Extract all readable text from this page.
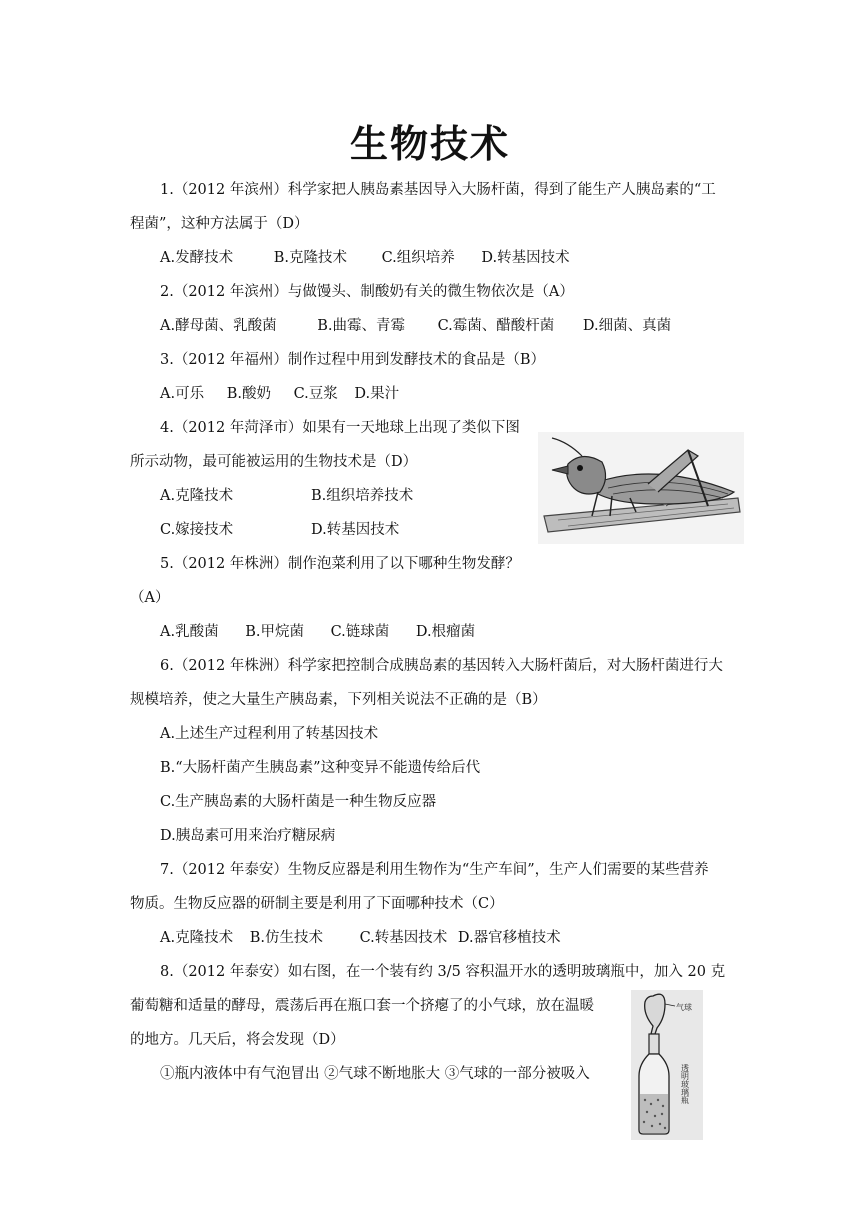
生物技术
1.（2012 年滨州）科学家把人胰岛素基因导入大肠杆菌，得到了能生产人胰岛素的“工
程菌”，这种方法属于（D）
A.发酵技术	B.克隆技术 C.组织培养 D.转基因技术
2.（2012 年滨州）与做馒头、制酸奶有关的微生物依次是（A）
A.酵母菌、乳酸菌	B.曲霉、青霉 C.霉菌、醋酸杆菌 D.细菌、真菌
3.（2012 年福州）制作过程中用到发酵技术的食品是（B）
A.可乐 B.酸奶 C.豆浆 D.果汁
4.（2012 年菏泽市）如果有一天地球上出现了类似下图
所示动物，最可能被运用的生物技术是（D）
A.克隆技术	B.组织培养技术
C.嫁接技术	D.转基因技术
5.（2012 年株洲）制作泡菜利用了以下哪种生物发酵？
（A）
A.乳酸菌 B.甲烷菌 C.链球菌 D.根瘤菌
6.（2012 年株洲）科学家把控制合成胰岛素的基因转入大肠杆菌后，对大肠杆菌进行大
规模培养，使之大量生产胰岛素，下列相关说法不正确的是（B）
A.上述生产过程利用了转基因技术
B.“大肠杆菌产生胰岛素”这种变异不能遗传给后代
C.生产胰岛素的大肠杆菌是一种生物反应器
D.胰岛素可用来治疗糖尿病
7.（2012 年泰安）生物反应器是利用生物作为“生产车间”，生产人们需要的某些营养
物质。生物反应器的研制主要是利用了下面哪种技术（C）
A.克隆技术 B.仿生技术	C.转基因技术 D.器官移植技术
8.（2012 年泰安）如右图，在一个装有约 3/5 容积温开水的透明玻璃瓶中，加入 20 克
葡萄糖和适量的酵母，震荡后再在瓶口套一个挤瘪了的小气球，放在温暖
的地方。几天后，将会发现（D）
①瓶内液体中有气泡冒出 ②气球不断地胀大 ③气球的一部分被吸入
气球
透明玻璃瓶
